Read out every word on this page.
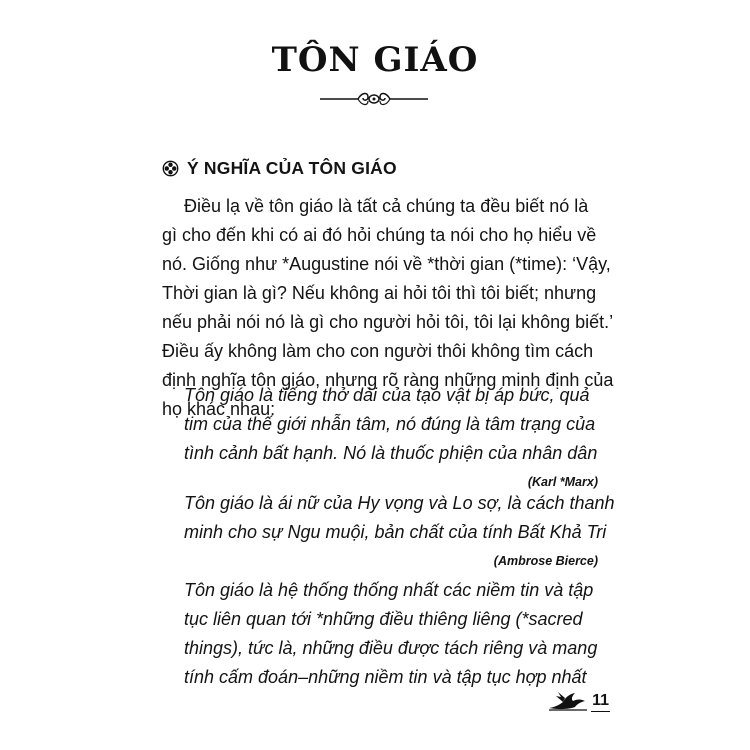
TÔN GIÁO
Ý NGHĨA CỦA TÔN GIÁO
Điều lạ về tôn giáo là tất cả chúng ta đều biết nó là
gì cho đến khi có ai đó hỏi chúng ta nói cho họ hiểu về
nó. Giống như *Augustine nói về *thời gian (*time): ‘Vậy,
Thời gian là gì? Nếu không ai hỏi tôi thì tôi biết; nhưng
nếu phải nói nó là gì cho người hỏi tôi, tôi lại không biết.’
Điều ấy không làm cho con người thôi không tìm cách
định nghĩa tôn giáo, nhưng rõ ràng những minh định của
họ khác nhau:
Tôn giáo là tiếng thở dài của tạo vật bị áp bức, quả
tim của thế giới nhẫn tâm, nó đúng là tâm trạng của
tình cảnh bất hạnh. Nó là thuốc phiện của nhân dân
(Karl *Marx)
Tôn giáo là ái nữ của Hy vọng và Lo sợ, là cách thanh
minh cho sự Ngu muội, bản chất của tính Bất Khả Tri
(Ambrose Bierce)
Tôn giáo là hệ thống thống nhất các niềm tin và tập
tục liên quan tới *những điều thiêng liêng (*sacred
things), tức là, những điều được tách riêng và mang
tính cấm đoán–những niềm tin và tập tục hợp nhất
11
